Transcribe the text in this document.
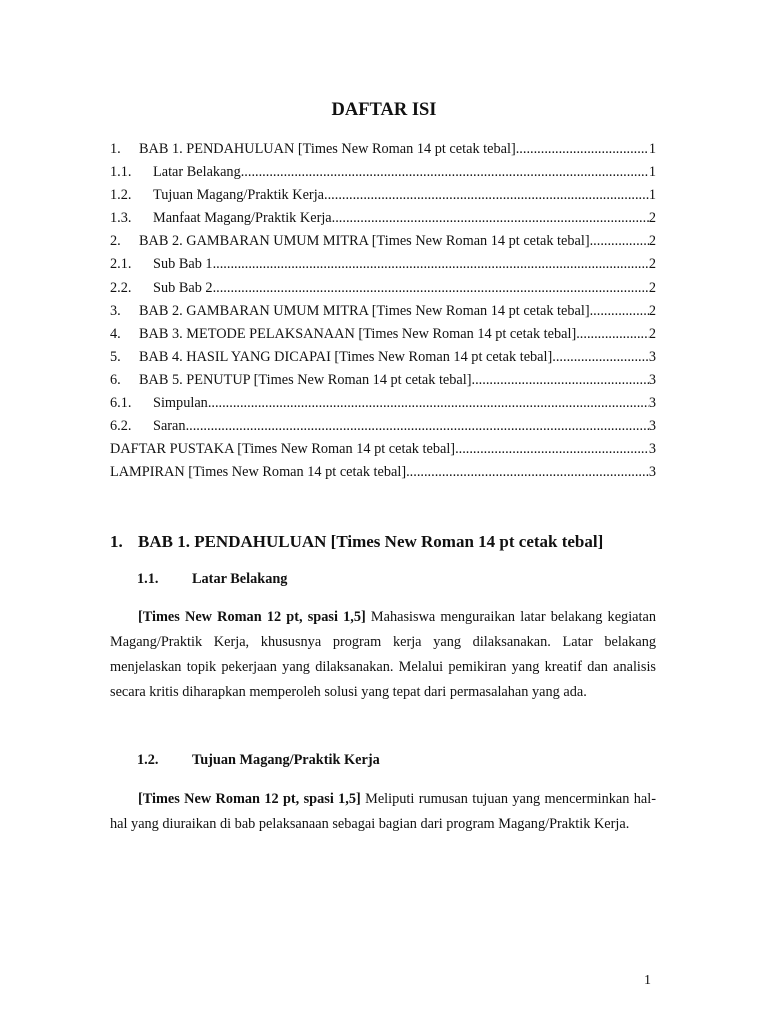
DAFTAR ISI
1.	BAB 1. PENDAHULUAN [Times New Roman 14 pt cetak tebal] .....	1
1.1.	Latar Belakang .....	1
1.2.	Tujuan Magang/Praktik Kerja .....	1
1.3.	Manfaat Magang/Praktik Kerja .....	2
2.	BAB 2. GAMBARAN UMUM MITRA [Times New Roman 14 pt cetak tebal] .....	2
2.1.	Sub Bab 1 .....	2
2.2.	Sub Bab 2 .....	2
3.	BAB 2. GAMBARAN UMUM MITRA [Times New Roman 14 pt cetak tebal] .....	2
4.	BAB 3. METODE PELAKSANAAN [Times New Roman 14 pt cetak tebal] .....	2
5.	BAB 4. HASIL YANG DICAPAI [Times New Roman 14 pt cetak tebal] .....	3
6.	BAB 5. PENUTUP [Times New Roman 14 pt cetak tebal] .....	3
6.1.	Simpulan .....	3
6.2.	Saran .....	3
DAFTAR PUSTAKA [Times New Roman 14 pt cetak tebal] .....	3
LAMPIRAN [Times New Roman 14 pt cetak tebal] .....	3
1. BAB 1. PENDAHULUAN [Times New Roman 14 pt cetak tebal]
1.1. Latar Belakang

[Times New Roman 12 pt, spasi 1,5] Mahasiswa menguraikan latar belakang kegiatan Magang/Praktik Kerja, khususnya program kerja yang dilaksanakan. Latar belakang menjelaskan topik pekerjaan yang dilaksanakan. Melalui pemikiran yang kreatif dan analisis secara kritis diharapkan memperoleh solusi yang tepat dari permasalahan yang ada.

1.2. Tujuan Magang/Praktik Kerja

[Times New Roman 12 pt, spasi 1,5] Meliputi rumusan tujuan yang mencerminkan hal-hal yang diuraikan di bab pelaksanaan sebagai bagian dari program Magang/Praktik Kerja.

1
